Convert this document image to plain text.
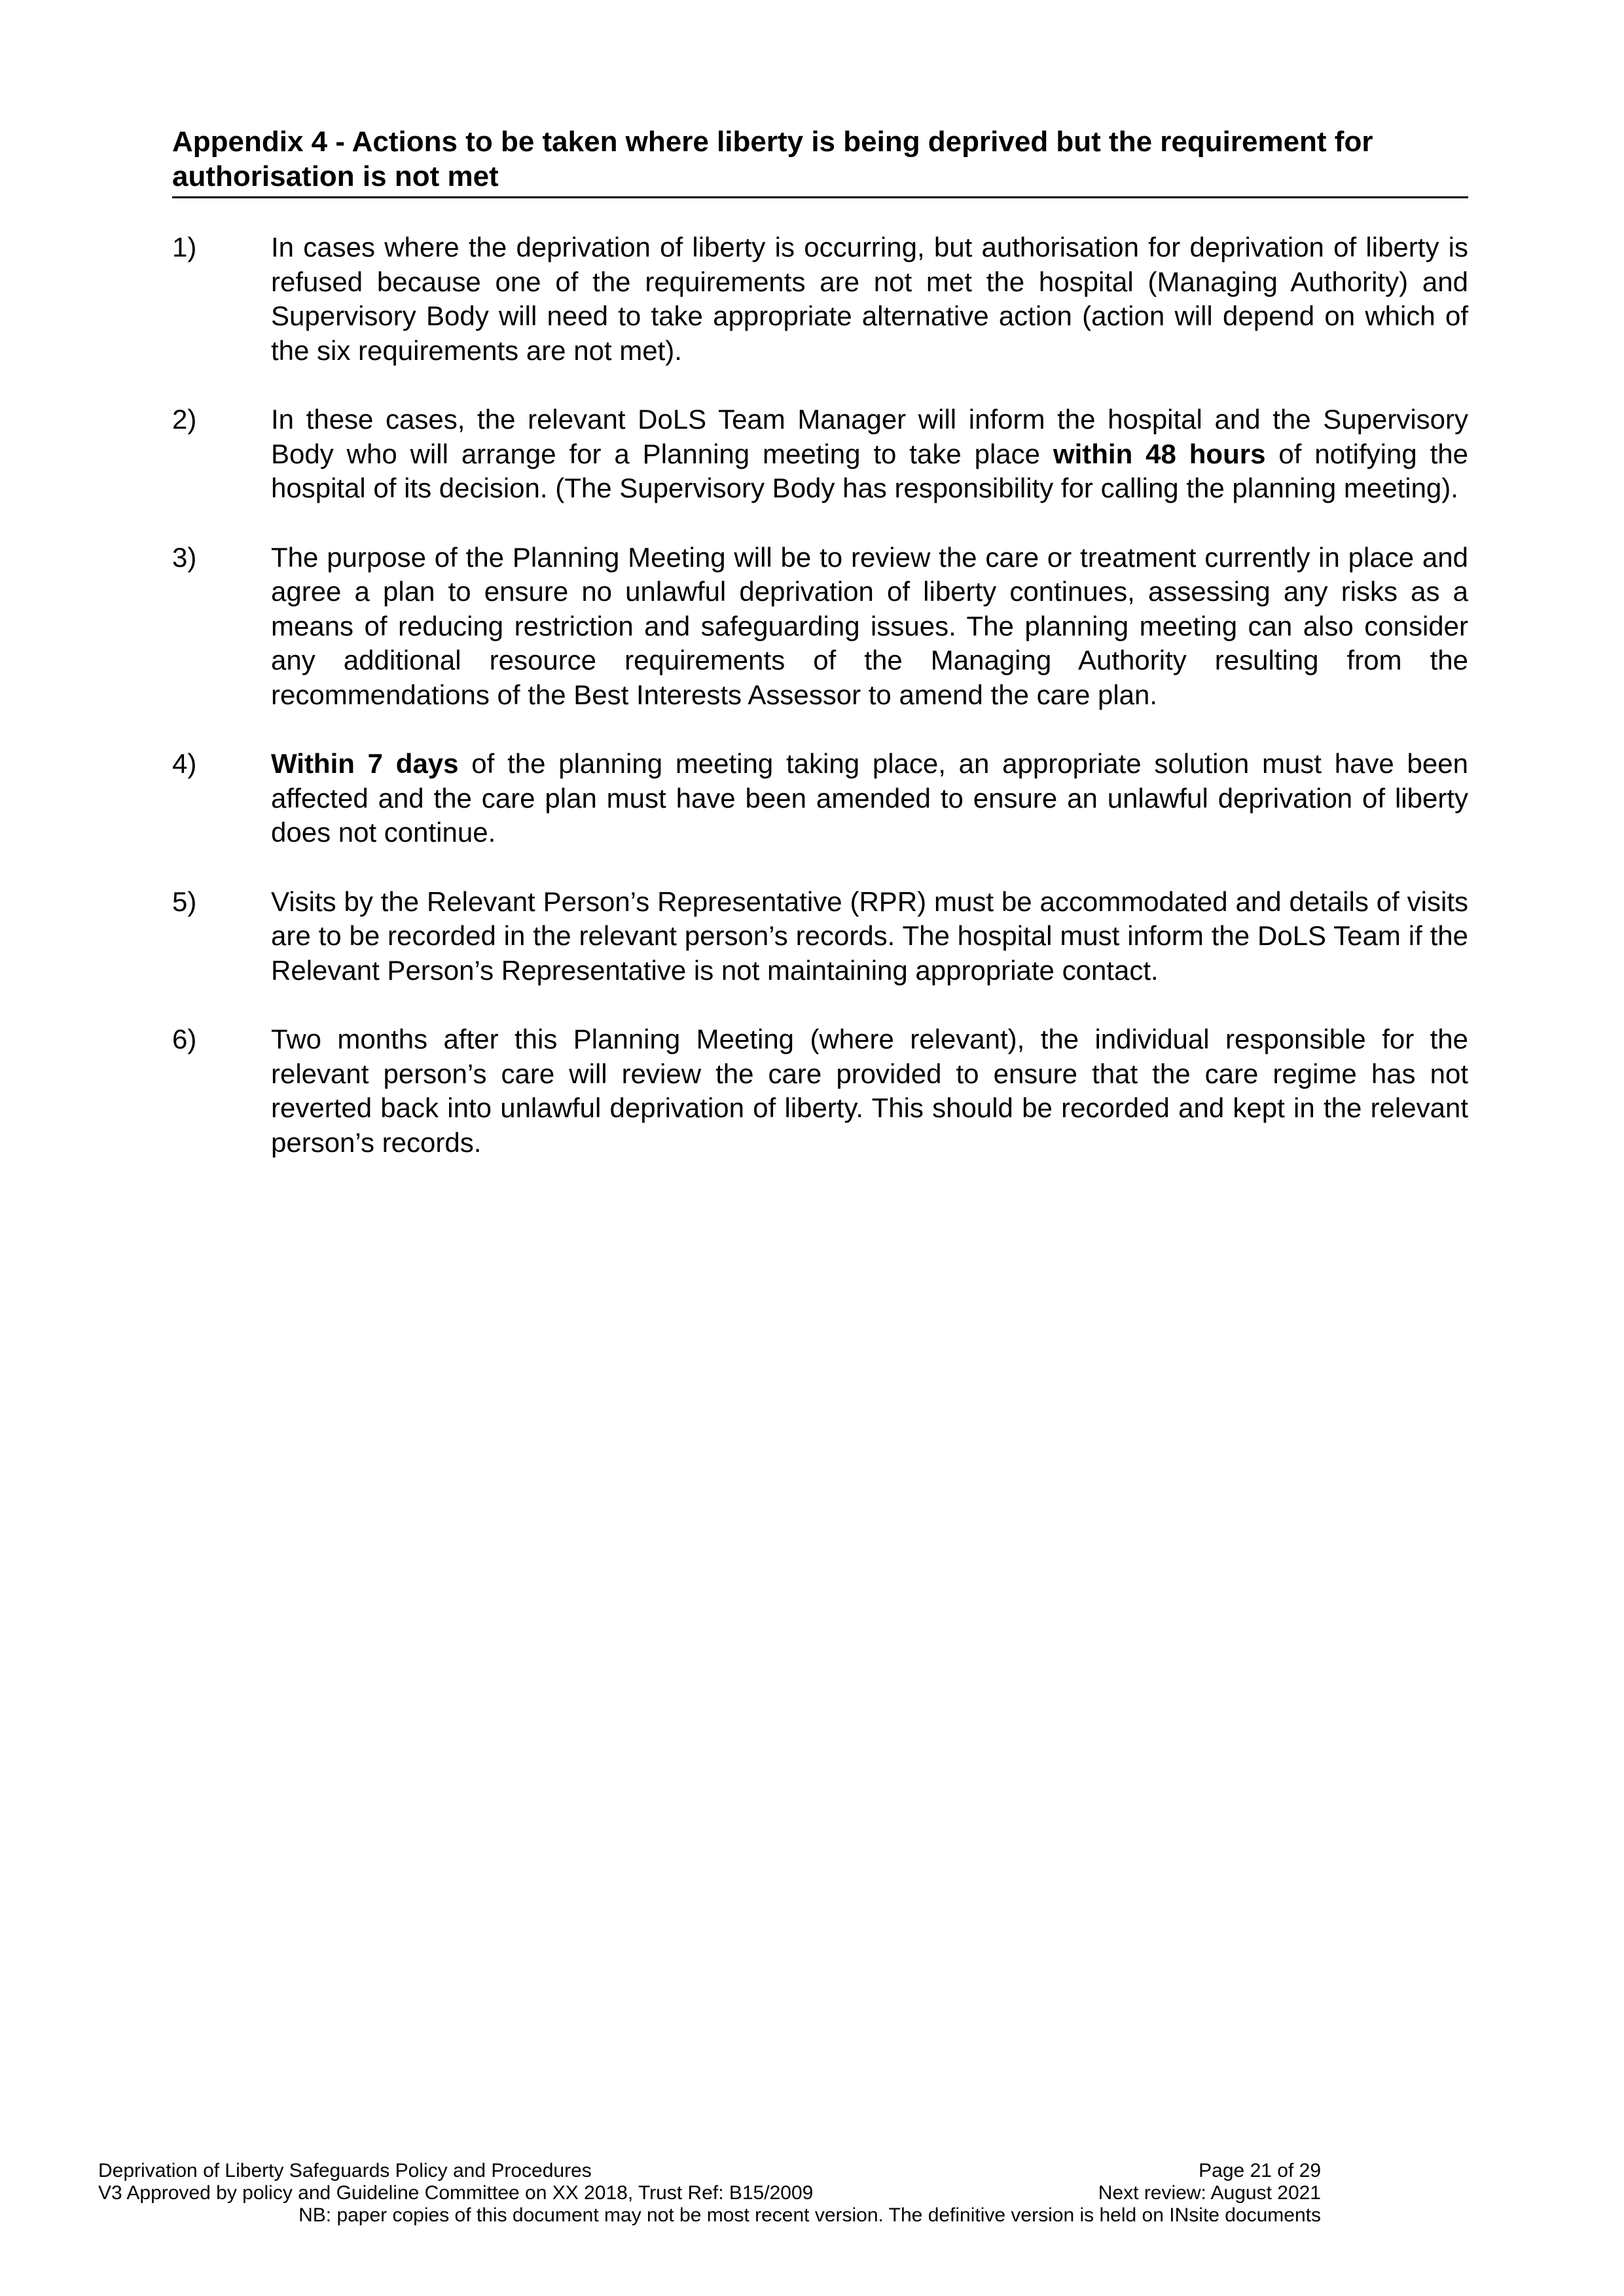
Appendix 4 - Actions to be taken where liberty is being deprived but the requirement for authorisation is not met
1)	In cases where the deprivation of liberty is occurring, but authorisation for deprivation of liberty is refused because one of the requirements are not met the hospital (Managing Authority) and Supervisory Body will need to take appropriate alternative action (action will depend on which of the six requirements are not met).
2)	In these cases, the relevant DoLS Team Manager will inform the hospital and the Supervisory Body who will arrange for a Planning meeting to take place within 48 hours of notifying the hospital of its decision. (The Supervisory Body has responsibility for calling the planning meeting).
3)	The purpose of the Planning Meeting will be to review the care or treatment currently in place and agree a plan to ensure no unlawful deprivation of liberty continues, assessing any risks as a means of reducing restriction and safeguarding issues. The planning meeting can also consider any additional resource requirements of the Managing Authority resulting from the recommendations of the Best Interests Assessor to amend the care plan.
4)	Within 7 days of the planning meeting taking place, an appropriate solution must have been affected and the care plan must have been amended to ensure an unlawful deprivation of liberty does not continue.
5)	Visits by the Relevant Person’s Representative (RPR) must be accommodated and details of visits are to be recorded in the relevant person’s records. The hospital must inform the DoLS Team if the Relevant Person’s Representative is not maintaining appropriate contact.
6)	Two months after this Planning Meeting (where relevant), the individual responsible for the relevant person’s care will review the care provided to ensure that the care regime has not reverted back into unlawful deprivation of liberty. This should be recorded and kept in the relevant person’s records.
Deprivation of Liberty Safeguards Policy and Procedures	Page 21 of 29
V3 Approved by policy and Guideline Committee on XX 2018, Trust Ref: B15/2009	Next review: August 2021
NB: paper copies of this document may not be most recent version. The definitive version is held on INsite documents
